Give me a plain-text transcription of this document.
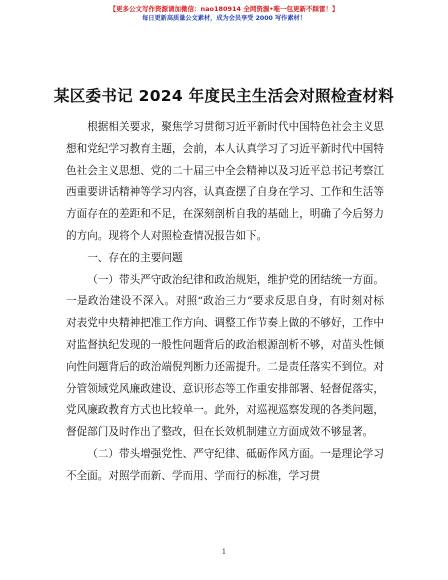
【更多公文写作资源请加微信：nao180914 全网资源•唯一包更新不踩雷！】
每日更新高质量公文素材，成为会员享受 2000 写作素材！
某区委书记 2024 年度民主生活会对照检查材料

根据相关要求，聚焦学习贯彻习近平新时代中国特色社会主义思想和党纪学习教育主题，会前，本人认真学习了习近平新时代中国特色社会主义思想、党的二十届三中全会精神以及习近平总书记考察江西重要讲话精神等学习内容，认真查摆了自身在学习、工作和生活等方面存在的差距和不足，在深刻剖析自我的基础上，明确了今后努力的方向。现将个人对照检查情况报告如下。

一、存在的主要问题

（一）带头严守政治纪律和政治规矩，维护党的团结统一方面。一是政治建设不深入。对照“政治三力”要求反思自身，有时刻对标对表党中央精神把准工作方向、调整工作节奏上做的不够好，工作中对监督执纪发现的一般性问题背后的政治根源剖析不够，对苗头性倾向性问题背后的政治端倪判断力还需提升。二是责任落实不到位。对分管领域党风廉政建设、意识形态等工作重安排部署、轻督促落实，党风廉政教育方式也比较单一。此外，对巡视巡察发现的各类问题，督促部门及时作出了整改，但在长效机制建立方面成效不够显著。

（二）带头增强党性、严守纪律、砥砺作风方面。一是理论学习不全面。对照学而新、学而用、学而行的标准，学习贯

1
